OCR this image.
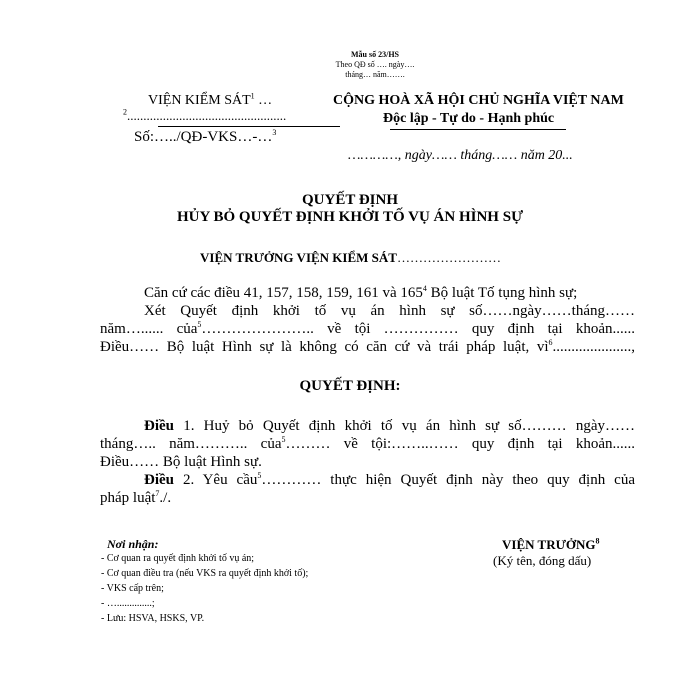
Mẫu số 23/HS
Theo QĐ số …. ngày….
tháng… năm…….
VIỆN KIỂM SÁT$^1$ …
$^2$.................................................
Số:…../QĐ-VKS…-…$^3$
CỘNG HOÀ XÃ HỘI CHỦ NGHĨA VIỆT NAM
Độc lập - Tự do - Hạnh phúc
…………, ngày…… tháng…… năm 20...
QUYẾT ĐỊNH
HỦY BỎ QUYẾT ĐỊNH KHỞI TỐ VỤ ÁN HÌNH SỰ
VIỆN TRƯỞNG VIỆN KIỂM SÁT……………………
Căn cứ các điều 41, 157, 158, 159, 161 và $165^4$ Bộ luật Tố tụng hình sự;
Xét Quyết định khởi tố vụ án hình sự số……ngày……tháng……
năm…...... của$^5$………………….. về tội …………… quy định tại khoản......
Điều…… Bộ luật Hình sự là không có căn cứ và trái pháp luật, $vì^6$.....................,
QUYẾT ĐỊNH:
Điều 1. Huỷ bỏ Quyết định khởi tố vụ án hình sự số……… ngày……
tháng….. năm……….. của$^5$……… về tội:……..…… quy định tại khoản......
Điều…… Bộ luật Hình sự.
Điều 2. Yêu cầu$^5$………… thực hiện Quyết định này theo quy định của
pháp luật$^7$./.
Nơi nhận:
- Cơ quan ra quyết định khởi tố vụ án;
- Cơ quan điều tra (nếu VKS ra quyết định khởi tố);
- VKS cấp trên;
- …..............;
- Lưu: HSVA, HSKS, VP.
VIỆN TRƯỞNG$^8$
(Ký tên, đóng dấu)
